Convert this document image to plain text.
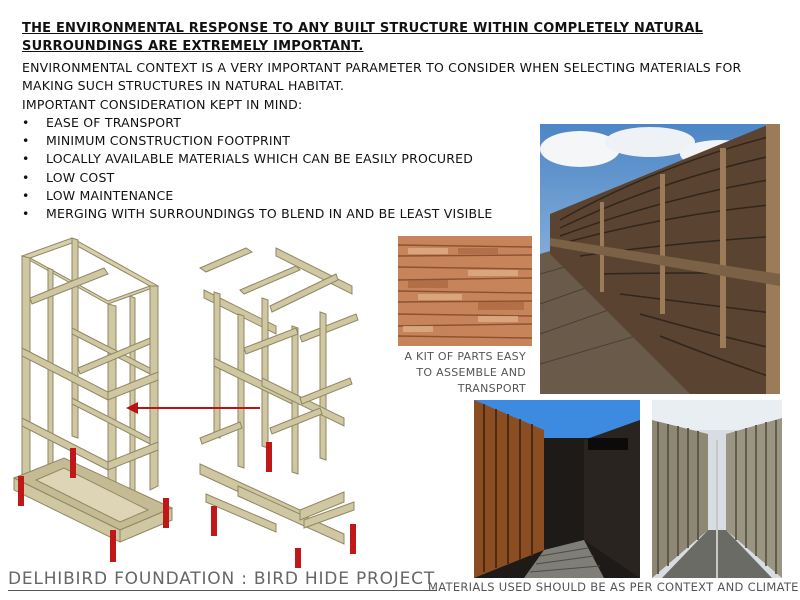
THE ENVIRONMENTAL RESPONSE TO ANY BUILT STRUCTURE WITHIN COMPLETELY NATURAL SURROUNDINGS ARE EXTREMELY IMPORTANT.
ENVIRONMENTAL CONTEXT IS A VERY IMPORTANT PARAMETER TO CONSIDER WHEN SELECTING MATERIALS FOR MAKING SUCH STRUCTURES IN NATURAL HABITAT.
IMPORTANT CONSIDERATION KEPT IN MIND:
• EASE OF TRANSPORT
• MINIMUM CONSTRUCTION FOOTPRINT
• LOCALLY AVAILABLE MATERIALS WHICH CAN BE EASILY PROCURED
• LOW COST
• LOW MAINTENANCE
• MERGING WITH SURROUNDINGS TO BLEND IN AND BE LEAST VISIBLE
A KIT OF PARTS EASY TO ASSEMBLE AND TRANSPORT
DELHIBIRD FOUNDATION : BIRD HIDE PROJECT
MATERIALS USED SHOULD BE AS PER CONTEXT AND CLIMATE
